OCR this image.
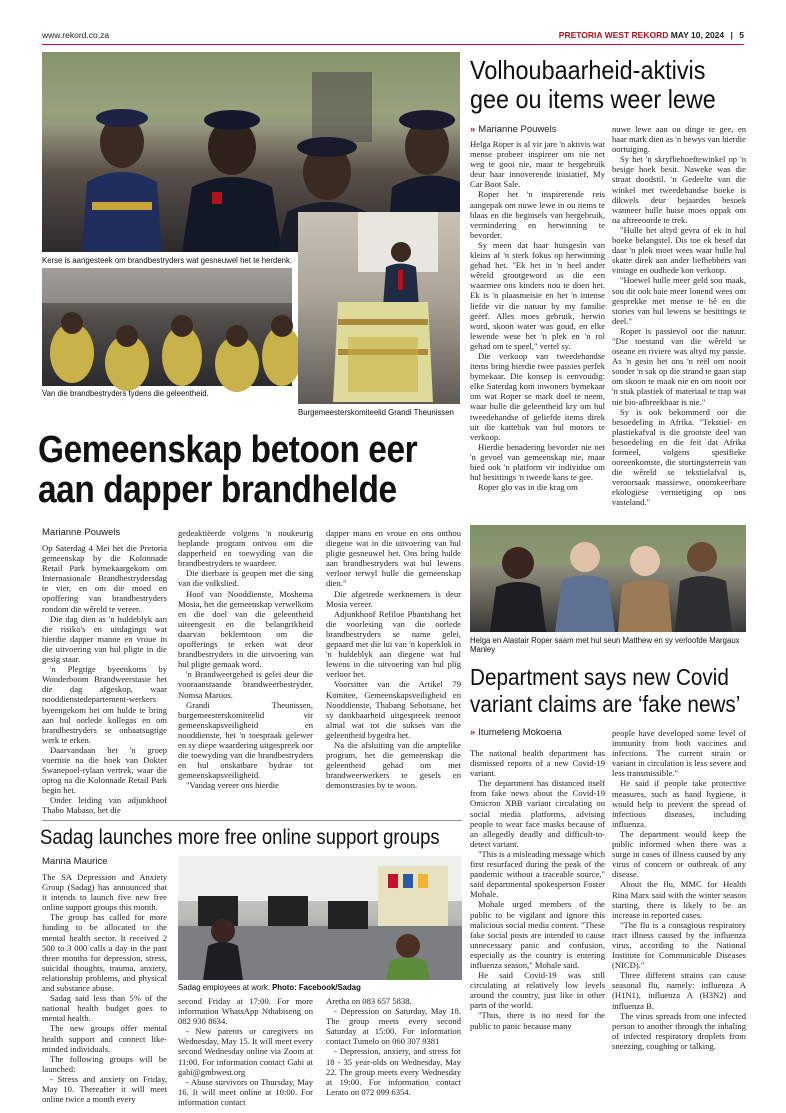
www.rekord.co.za	PRETORIA WEST REKORD MAY 10, 2024 | 5
Kerse is aangesteek om brandbestryders wat gesneuwel het te herdenk.
Van die brandbestryders tydens die geleentheid.
Burgemeesterskomiteelid Grandi Theunissen
Gemeenskap betoon eer
aan dapper brandhelde
Marianne Pouwels

Op Saterdag 4 Mei het die Pretoria gemeenskap by die Kolonnade Retail Park bymekaargekom om Internasionale Brandbestrydersdag te vier, en om die moed en opoffering van brandbestryders rondom die wêreld te vereer.

Die dag dien as 'n huldeblyk aan die risiko's en uitdagings wat hierdie dapper manne en vroue in die uitvoering van hul pligte in die gesig staar.

'n Plegtige byeenkoms by Wonderboom Brandweerstasie het die dag afgeskop, waar nooddienstedepartement-werkers byeengekom het om hulde te bring aan hul oorlede kollegas en om brandbestryders se onbaatsugtige werk te erken.

Daarvandaan het 'n groep voertuie na die hoek van Dokter Swanepoel-rylaan vertrek, waar die optog na die Kolonnade Retail Park begin het.

Onder leiding van adjunkhoof Thabo Mabaso, het die

gedeaktiëerde volgens 'n noukeurig beplande program ontvou om die dapperheid en toewyding van die brandbestryders te waardeer.

Die dierbare is geopen met die sing van die volkslied.

Hoof van Nooddienste, Moshema Mosia, het die gemeenskap verwelkom en die doel van die geleentheid uiteengesit en die belangrikheid daarvan beklemtoon om die opofferings te erken wat deur brandbestryders in die uitvoering van hul pligte gemaak word.

'n Brandweergebed is gelei deur die vooraanstaande brandweerbestryder, Nomsa Maroos.

Grandi Theunissen, burgemeesterskomiteelid vir gemeenskapsveiligheid en nooddienste, het 'n toespraak gelewer en sy diepe waardering uitgespreek oor die toewyding van die brandbestryders en hul onskatbare bydrae tot gemeenskapsveiligheid.

"Vandag vereer ons hierdie

dapper mans en vroue en ons onthou diegene wat in die uitvoering van hul pligte gesneuwel het. Ons bring hulde aan brandbestryders wat hul lewens verloor terwyl hulle die gemeenskap dien."

Die afgetrede werknemers is deur Mosia vereer.

Adjunkhoof Refiloe Phantshang het die voorlesing van die oorlede brandbestryders se name gelei, gepaard met die lui van 'n koperklok in 'n huldeblyk aan diegene wat hul lewens in die uitvoering van hul plig verloor het.

Voorsitter van die Artikel 79 Komitee, Gemeenskapsveiligheid en Nooddienste, Thabang Sebotsane, het sy dankbaarheid uitgespreek teenoor almal wat tot die sukses van die geleentheid bygedra het.

Na die afsluiting van die amptelike program, het die gemeenskap die geleentheid gehad om met brandweerwerkers te gesels en demonstrasies by te woon.

Volhoubaarheid-aktivis
gee ou items weer lewe
» Marianne Pouwels

Helga Roper is al vir jare 'n aktivis wat mense probeer inspireer om nie net weg te gooi nie, maar te hergebruik deur haar innoverende inisiatief, My Car Boot Sale.

Roper het 'n inspirerende reis aangepak om nuwe lewe in ou items te blaas en die beginsels van hergebruik, vermindering en herwinning te bevorder.

Sy meen dat haar huisgesin van kleins af 'n sterk fokus op herwinning gehad het. "Ek het in 'n heel ander wêreld grootgeword as die een waarmee ons kinders nou te doen het. Ek is 'n plaasmeisie en het 'n intense liefde vir die natuur by my familie geërf. Alles moes gebruik, herwin word, skoon water was goud, en elke lewende wese het 'n plek en 'n rol gehad om te speel," vertel sy.

Die verkoop van tweedehandse items bring hierdie twee passies perfek bymekaar. Die konsep is eenvoudig: elke Saterdag kom inwoners bymekaar om wat Roper se mark doel te neem, waar hulle die geleentheid kry om hul tweedehandse of geliefde items direk uit die kattebak van hul motors te verkoop.

Hierdie benadering bevorder nie net 'n gevoel van gemeenskap nie, maar bied ook 'n platform vir individue om hul besittings 'n tweede kans te gee.

Roper glo vas in die krag om

nuwe lewe aan ou dinge te gee, en haar mark dien as 'n bewys van hierdie oortuiging.

Sy het 'n skryfbehoeftewinkel op 'n besige hoek besit. Naweke was die straat doodstil. 'n Gedeelte van die winkel met tweedehandse boeke is dikwels deur bejaardes besoek wanneer hulle huise moes oppak om na aftreeoorde te trek.

"Hulle het altyd gevra of ek in hul boeke belangstel. Dis toe ek besef dat daar 'n plek moet wees waar hulle hul skatte direk aan ander liefhebbers van vintage en oudhede kon verkoop.

"Hoewel hulle meer geld sou maak, sou dit ook baie meer lonend wees om gesprekke met mense te hê en die stories van hul lewens se besittings te deel."

Roper is passievol oor die natuur. "Die toestand van die wêreld se oseane en riviere was altyd my passie. As 'n gesin het ons 'n reël om nooit sonder 'n sak op die strand te gaan stap om skoon te maak nie en om nooit oor 'n stuk plastiek of materiaal te trap wat nie bio-afbreekbaar is nie."

Sy is ook bekommerd oor die besoedeling in Afrika. "Tekstiel- en plastiekafval is die grootste deel van besoedeling en die feit dat Afrika formeel, volgens spesifieke ooreenkomste, die stortingsterrein van die wêreld se tekstielafval is, veroorsaak massiewe, onomkeerbare ekologiese vernietiging op ons vasteland."

Helga en Alastair Roper saam met hul seun Matthew en sy verloofde Margaux Manley
Department says new Covid
variant claims are ‘fake news’
» Itumeleng Mokoena

The national health department has dismissed reports of a new Covid-19 variant.

The department has distanced itself from fake news about the Covid-19 Omicron XBB variant circulating on social media platforms, advising people to wear face masks because of an allegedly deadly and difficult-to-detect variant.

"This is a misleading message which first resurfaced during the peak of the pandemic without a traceable source," said departmental spokesperson Foster Mohale.

Mohale urged members of the public to be vigilant and ignore this malicious social media content. "These fake social posts are intended to cause unnecessary panic and confusion, especially as the country is entering influenza season," Mohale said.

He said Covid-19 was still circulating at relatively low levels around the country, just like in other parts of the world.

"Thus, there is no need for the public to panic because many

people have developed some level of immunity from both vaccines and infections. The current strain or variant in circulation is less severe and less transmissible."

He said if people take protective measures, such as hand hygiene, it would help to prevent the spread of infectious diseases, including influenza.

The department would keep the public informed when there was a surge in cases of illness caused by any virus of concern or outbreak of any disease.

About the flu, MMC for Health Rina Marx said with the winter season starting, there is likely to be an increase in reported cases.

"The flu is a contagious respiratory tract illness caused by the influenza virus, according to the National Institute for Communicable Diseases (NICD)."

Three different strains can cause seasonal flu, namely: influenza A (H1N1), influenza A (H3N2) and influenza B.

The virus spreads from one infected person to another through the inhaling of infected respiratory droplets from sneezing, coughing or talking.

Sadag launches more free online support groups
Manna Maurice

The SA Depression and Anxiety Group (Sadag) has announced that it intends to launch five new free online support groups this month.

The group has called for more funding to be allocated to the mental health sector. It received 2 500 to 3 000 calls a day in the past three months for depression, stress, suicidal thoughts, trauma, anxiety, relationship problems, and physical and substance abuse.

Sadag said less than 5% of the national health budget goes to mental health.

The new groups offer mental health support and connect like-minded individuals.

The following groups will be launched:

- Stress and anxiety on Friday, May 10. Thereafter it will meet online twice a month every

Sadag employees at work. Photo: Facebook/Sadag

second Friday at 17:00. For more information WhatsApp Nthabiseng on 082 930 8634.

- New parents or caregivers on Wednesday, May 15. It will meet every second Wednesday online via Zoom at 11:00. For information contact Gabi at gabi@gmbwest.org

- Abuse survivors on Thursday, May 16. It will meet online at 10:00. For information contact

Aretha on 083 657 5838.

- Depression on Saturday, May 18. The group meets every second Saturday at 15:00. For information contact Tumelo on 060 307 9381

- Depression, anxiety, and stress for 18 - 35 year-olds on Wednesday, May 22. The group meets every Wednesday at 19:00. For information contact Lerato on 072 099 6354.
